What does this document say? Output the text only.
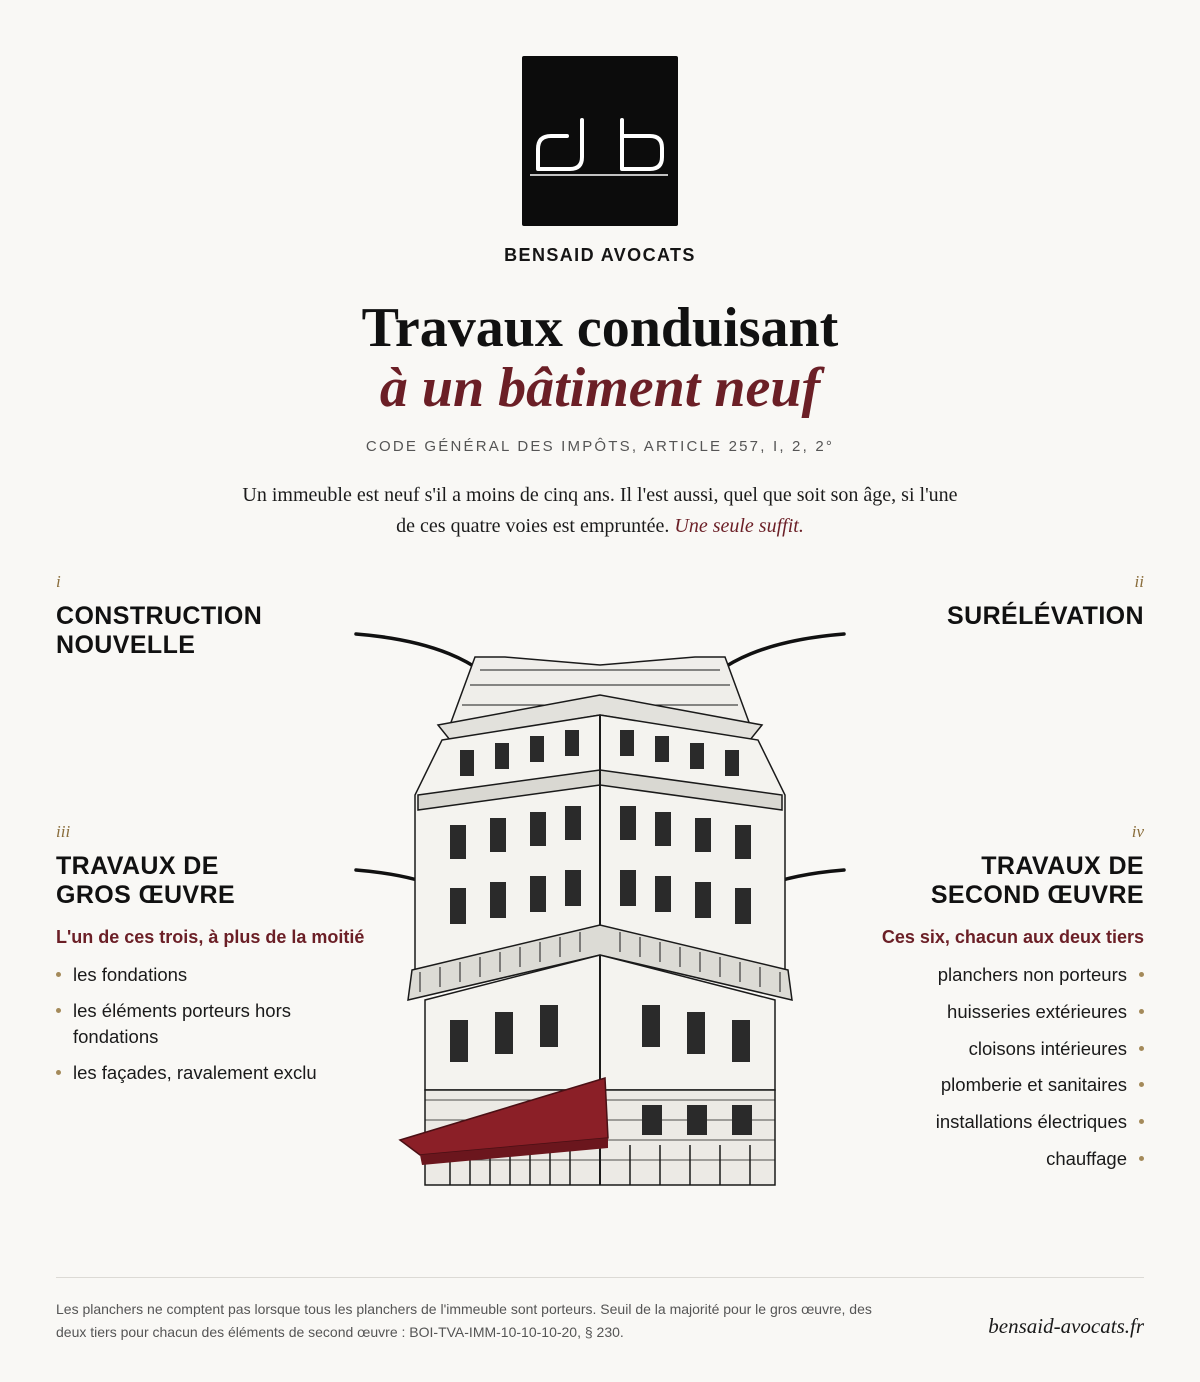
BENSAID AVOCATS
Travaux conduisant
à un bâtiment neuf
CODE GÉNÉRAL DES IMPÔTS, ARTICLE 257, I, 2, 2°
Un immeuble est neuf s'il a moins de cinq ans. Il l'est aussi, quel que soit son âge, si l'une
de ces quatre voies est empruntée. Une seule suffit.
i
CONSTRUCTION
NOUVELLE
ii
SURÉLÉVATION
iii
TRAVAUX DE
GROS ŒUVRE
L'un de ces trois, à plus de la moitié
les fondations
les éléments porteurs hors fondations
les façades, ravalement exclu
iv
TRAVAUX DE
SECOND ŒUVRE
Ces six, chacun aux deux tiers
planchers non porteurs
huisseries extérieures
cloisons intérieures
plomberie et sanitaires
installations électriques
chauffage

Les planchers ne comptent pas lorsque tous les planchers de l'immeuble sont porteurs. Seuil de la majorité pour le gros œuvre, des deux tiers pour chacun des éléments de second œuvre : BOI-TVA-IMM-10-10-10-20, § 230.	bensaid-avocats.fr
